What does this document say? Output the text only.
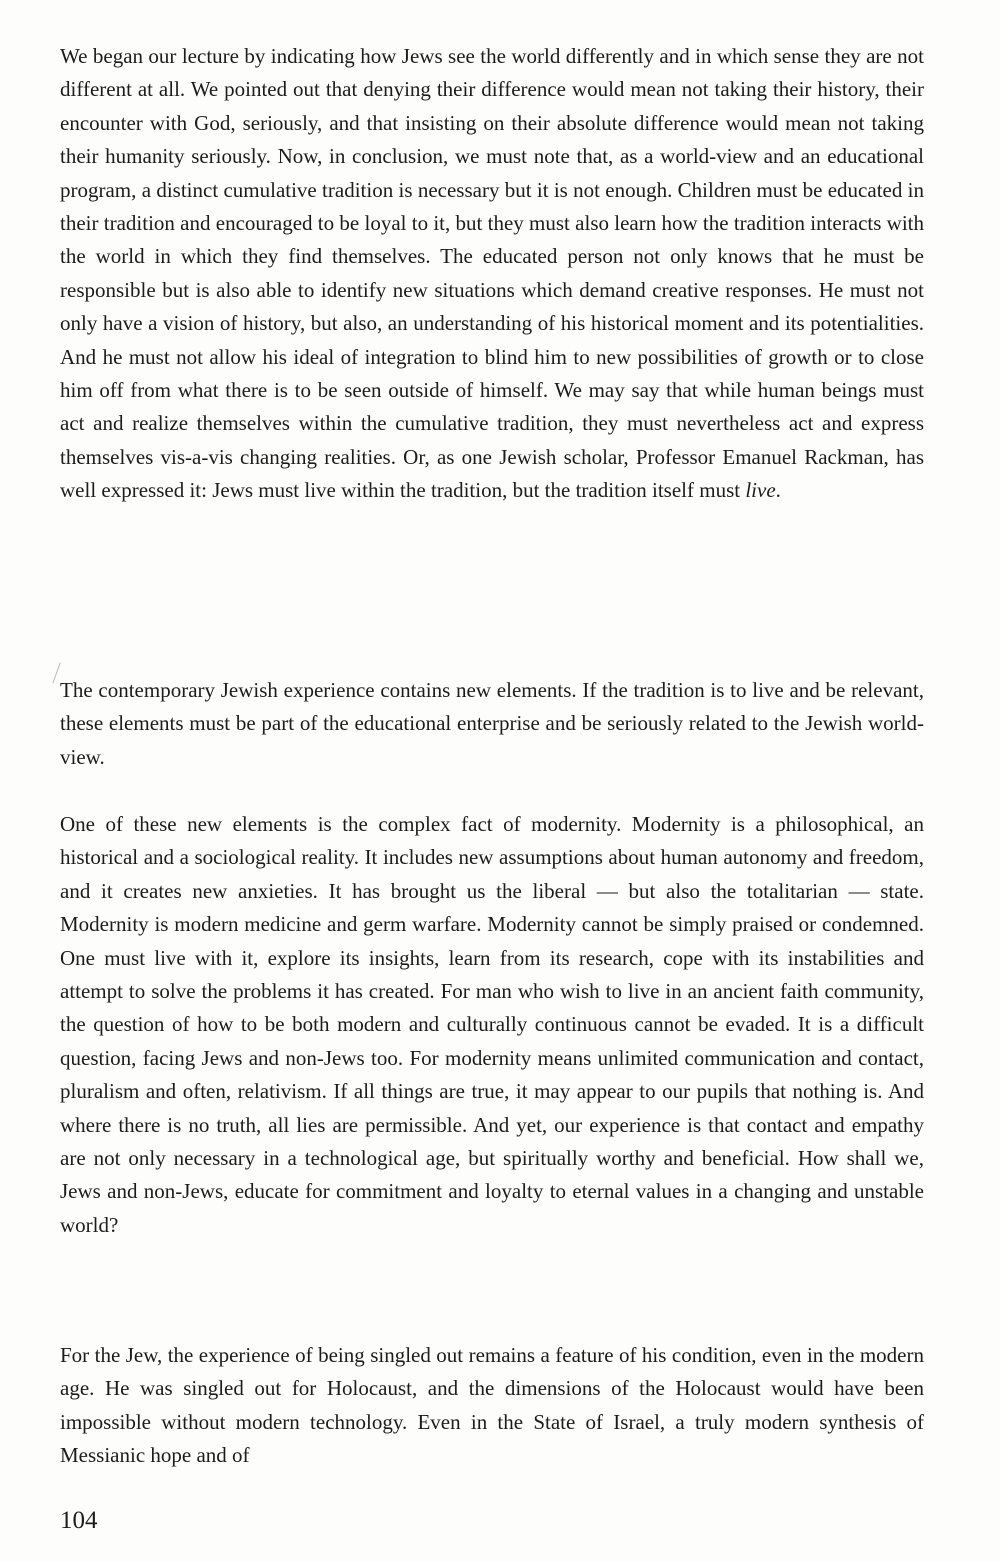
We began our lecture by indicating how Jews see the world differently and in which sense they are not different at all. We pointed out that denying their difference would mean not taking their history, their encounter with God, seriously, and that insisting on their absolute difference would mean not taking their humanity seriously. Now, in conclusion, we must note that, as a world-view and an educational program, a distinct cumulative tradition is necessary but it is not enough. Children must be educated in their tradition and encouraged to be loyal to it, but they must also learn how the tradition interacts with the world in which they find themselves. The educated person not only knows that he must be responsible but is also able to identify new situations which demand creative responses. He must not only have a vision of history, but also, an understanding of his historical moment and its potentialities. And he must not allow his ideal of integration to blind him to new possibilities of growth or to close him off from what there is to be seen outside of himself. We may say that while human beings must act and realize themselves within the cumulative tradition, they must nevertheless act and express themselves vis-a-vis changing realities. Or, as one Jewish scholar, Professor Emanuel Rackman, has well expressed it: Jews must live within the tradition, but the tradition itself must live.

The contemporary Jewish experience contains new elements. If the tradition is to live and be relevant, these elements must be part of the educational enterprise and be seriously related to the Jewish world-view.

One of these new elements is the complex fact of modernity. Modernity is a philosophical, an historical and a sociological reality. It includes new assumptions about human autonomy and freedom, and it creates new anxieties. It has brought us the liberal — but also the totalitarian — state. Modernity is modern medicine and germ warfare. Modernity cannot be simply praised or condemned. One must live with it, explore its insights, learn from its research, cope with its instabilities and attempt to solve the problems it has created. For man who wish to live in an ancient faith community, the question of how to be both modern and culturally continuous cannot be evaded. It is a difficult question, facing Jews and non-Jews too. For modernity means unlimited communication and contact, pluralism and often, relativism. If all things are true, it may appear to our pupils that nothing is. And where there is no truth, all lies are permissible. And yet, our experience is that contact and empathy are not only necessary in a technological age, but spiritually worthy and beneficial. How shall we, Jews and non-Jews, educate for commitment and loyalty to eternal values in a changing and unstable world?

For the Jew, the experience of being singled out remains a feature of his condition, even in the modern age. He was singled out for Holocaust, and the dimensions of the Holocaust would have been impossible without modern technology. Even in the State of Israel, a truly modern synthesis of Messianic hope and of

104
